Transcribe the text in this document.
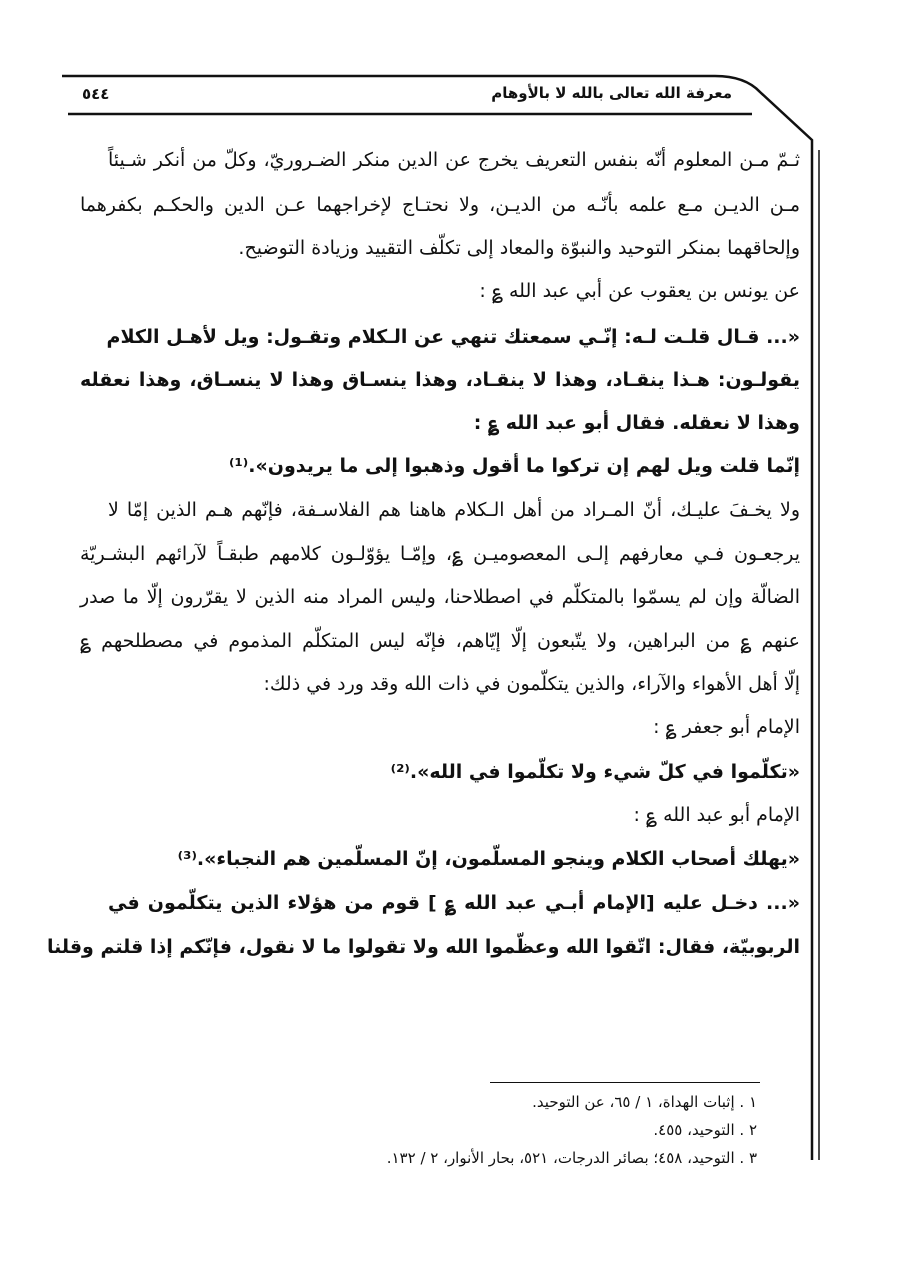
معرفة الله تعالى بالله لا بالأوهام
٥٤٤
ثـمّ مـن المعلوم أنّه بنفس التعريف يخرج عن الدين منكر الضـروريّ، وكلّ من أنكر شـيئاً
مـن الديـن مـع علمه بأنّـه من الديـن، ولا نحتـاج لإخراجهما عـن الدين والحكـم بكفرهما
وإلحاقهما بمنكر التوحيد والنبوّة والمعاد إلى تكلّف التقييد وزيادة التوضيح.
عن يونس بن يعقوب عن أبي عبد الله ؏ :
«... قـال قلـت لـه: إنّـي سمعتك تنهي عن الـكلام وتقـول: ويل لأهـل الكلام
يقولـون: هـذا ينقـاد، وهذا لا ينقـاد، وهذا ينسـاق وهذا لا ينسـاق، وهذا نعقله
وهذا لا نعقله. فقال أبو عبد الله ؏ :
إنّما قلت ويل لهم إن تركوا ما أقول وذهبوا إلى ما يريدون».⁽¹⁾
ولا يخـفَ عليـك، أنّ المـراد من أهل الـكلام هاهنا هم الفلاسـفة، فإنّهم هـم الذين إمّا لا
يرجعـون فـي معارفهم إلـى المعصوميـن ؏، وإمّـا يؤوّلـون كلامهم طبقـاً لآرائهم البشـريّة
الضالّة وإن لم يسمّوا بالمتكلّم في اصطلاحنا، وليس المراد منه الذين لا يقرّرون إلّا ما صدر
عنهم ؏ من البراهين، ولا يتّبعون إلّا إيّاهم، فإنّه ليس المتكلّم المذموم في مصطلحهم ؏
إلّا أهل الأهواء والآراء، والذين يتكلّمون في ذات الله وقد ورد في ذلك:
الإمام أبو جعفر ؏ :
«تكلّموا في كلّ شيء ولا تكلّموا في الله».⁽²⁾
الإمام أبو عبد الله ؏ :
«يهلك أصحاب الكلام وينجو المسلّمون، إنّ المسلّمين هم النجباء».⁽³⁾
«... دخـل عليه [الإمام أبـي عبد الله ؏ ] قوم من هؤلاء الذين يتكلّمون في
الربوبيّة، فقال: اتّقوا الله وعظّموا الله ولا تقولوا ما لا نقول، فإنّكم إذا قلتم وقلنا
١ . إثبات الهداة، ١ / ٦٥، عن التوحيد.
٢ . التوحيد، ٤٥٥.
٣ . التوحيد، ٤٥٨؛ بصائر الدرجات، ٥٢١، بحار الأنوار، ٢ / ١٣٢.
